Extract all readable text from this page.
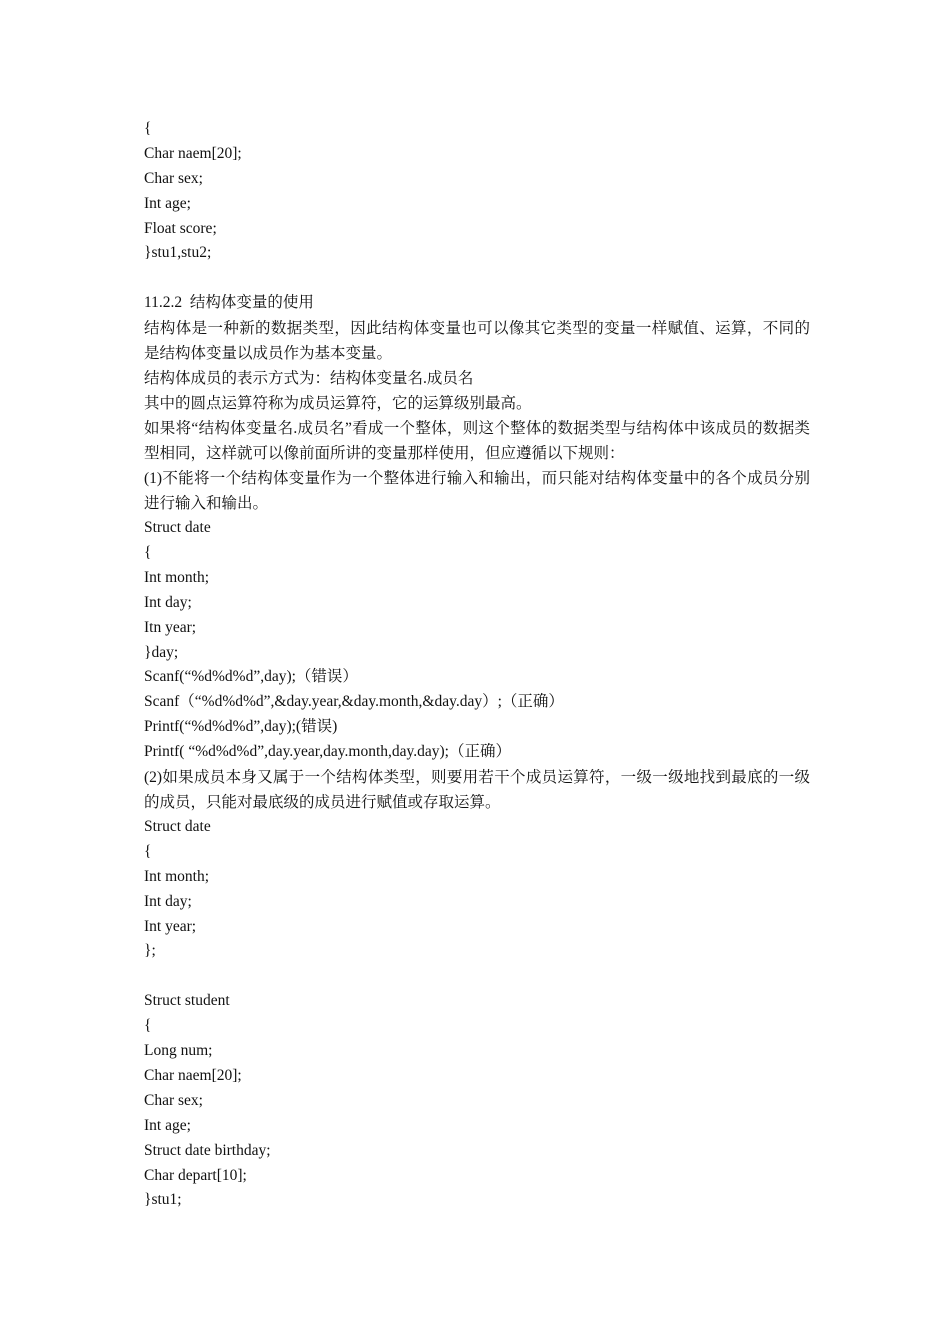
{
Char naem[20];
Char sex;
Int age;
Float score;
}stu1,stu2;
11.2.2  结构体变量的使用

结构体是一种新的数据类型，因此结构体变量也可以像其它类型的变量一样赋值、运算，不同的是结构体变量以成员作为基本变量。

结构体成员的表示方式为：结构体变量名.成员名

其中的圆点运算符称为成员运算符，它的运算级别最高。

如果将“结构体变量名.成员名”看成一个整体，则这个整体的数据类型与结构体中该成员的数据类型相同，这样就可以像前面所讲的变量那样使用，但应遵循以下规则：

(1)不能将一个结构体变量作为一个整体进行输入和输出，而只能对结构体变量中的各个成员分别进行输入和输出。

Struct date
{
Int month;
Int day;
Itn year;
}day;
Scanf(“%d%d%d”,day);（错误）
Scanf（“%d%d%d”,&day.year,&day.month,&day.day）;（正确）
Printf(“%d%d%d”,day);(错误)
Printf( “%d%d%d”,day.year,day.month,day.day);（正确）

(2)如果成员本身又属于一个结构体类型，则要用若干个成员运算符，一级一级地找到最底的一级的成员，只能对最底级的成员进行赋值或存取运算。

Struct date
{
Int month;
Int day;
Int year;
};
Struct student
{
Long num;
Char naem[20];
Char sex;
Int age;
Struct date birthday;
Char depart[10];
}stu1;
